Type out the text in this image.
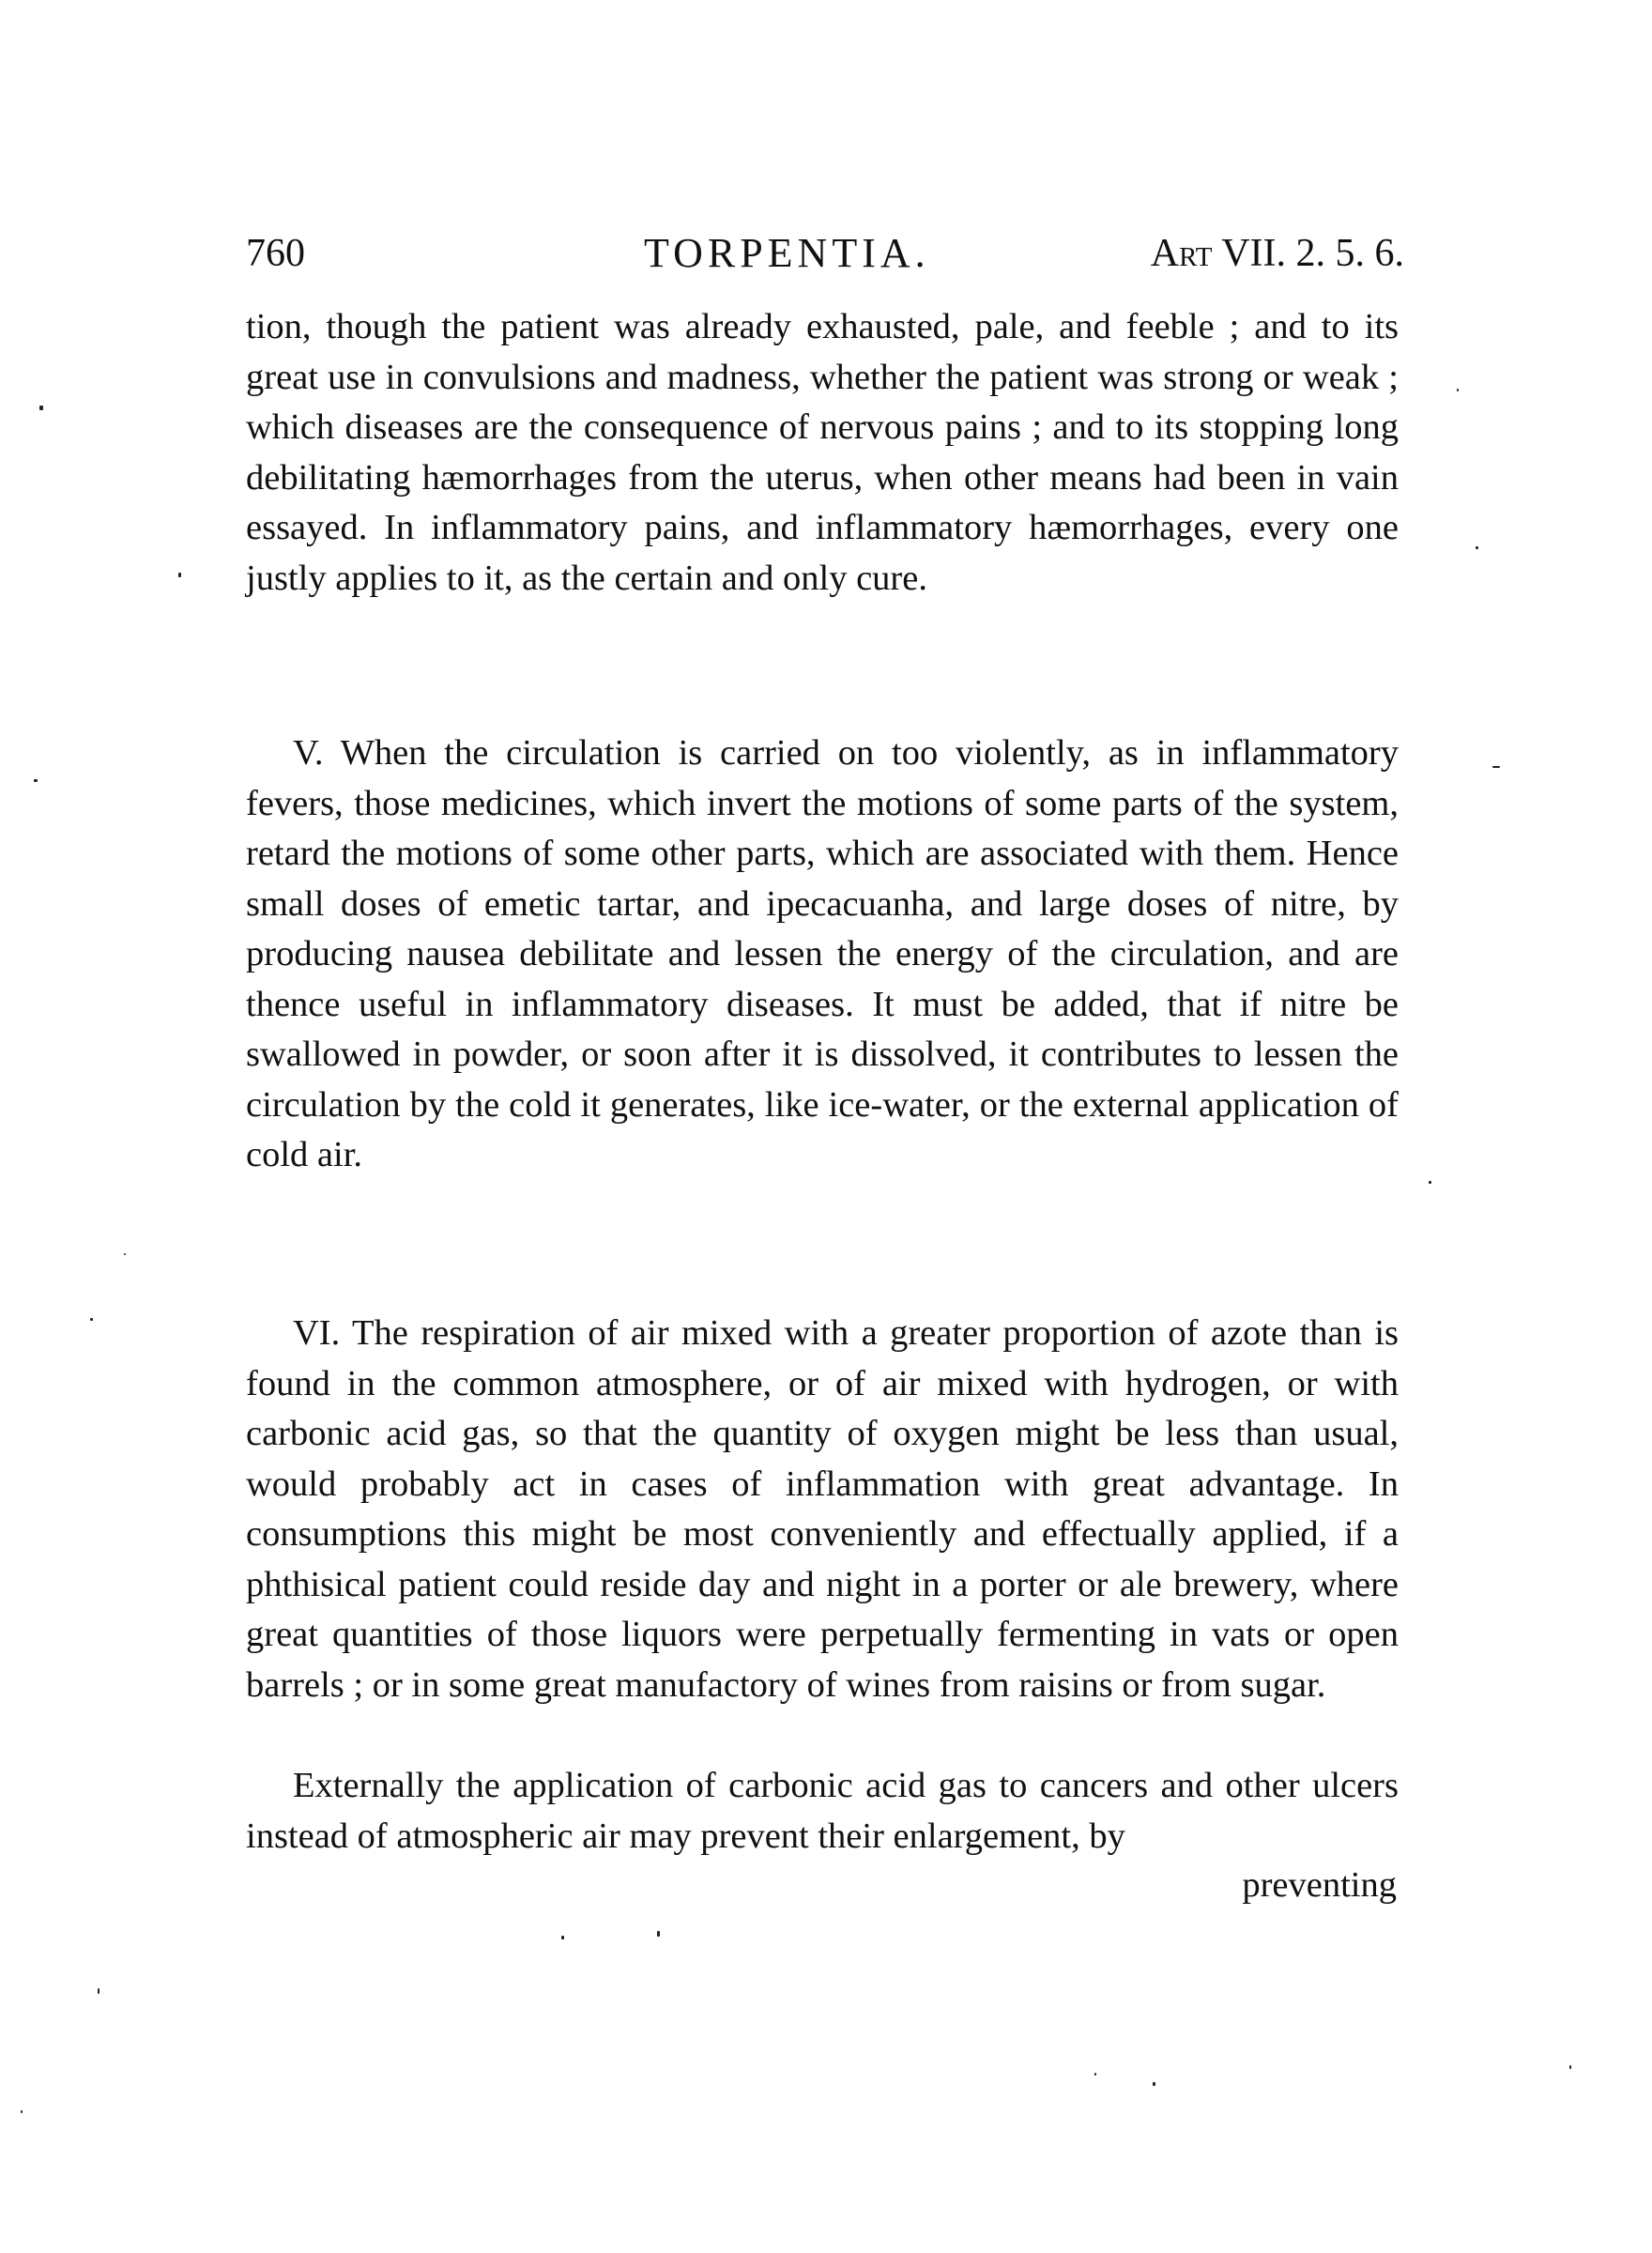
760	TORPENTIA.	Art VII. 2. 5. 6.

tion, though the patient was already exhausted, pale, and feeble ; and to its great use in convulsions and madness, whether the patient was strong or weak ; which diseases are the consequence of nervous pains ; and to its stopping long debilitating hæmorrhages from the uterus, when other means had been in vain essayed. In inflammatory pains, and inflammatory hæmorrhages, every one justly applies to it, as the certain and only cure.

V. When the circulation is carried on too violently, as in inflammatory fevers, those medicines, which invert the motions of some parts of the system, retard the motions of some other parts, which are associated with them. Hence small doses of emetic tartar, and ipecacuanha, and large doses of nitre, by producing nausea debilitate and lessen the energy of the circulation, and are thence useful in inflammatory diseases. It must be added, that if nitre be swallowed in powder, or soon after it is dissolved, it contributes to lessen the circulation by the cold it generates, like ice-water, or the external application of cold air.

VI. The respiration of air mixed with a greater proportion of azote than is found in the common atmosphere, or of air mixed with hydrogen, or with carbonic acid gas, so that the quantity of oxygen might be less than usual, would probably act in cases of inflammation with great advantage. In consumptions this might be most conveniently and effectually applied, if a phthisical patient could reside day and night in a porter or ale brewery, where great quantities of those liquors were perpetually fermenting in vats or open barrels ; or in some great manufactory of wines from raisins or from sugar.

Externally the application of carbonic acid gas to cancers and other ulcers instead of atmospheric air may prevent their enlargement, by

preventing
